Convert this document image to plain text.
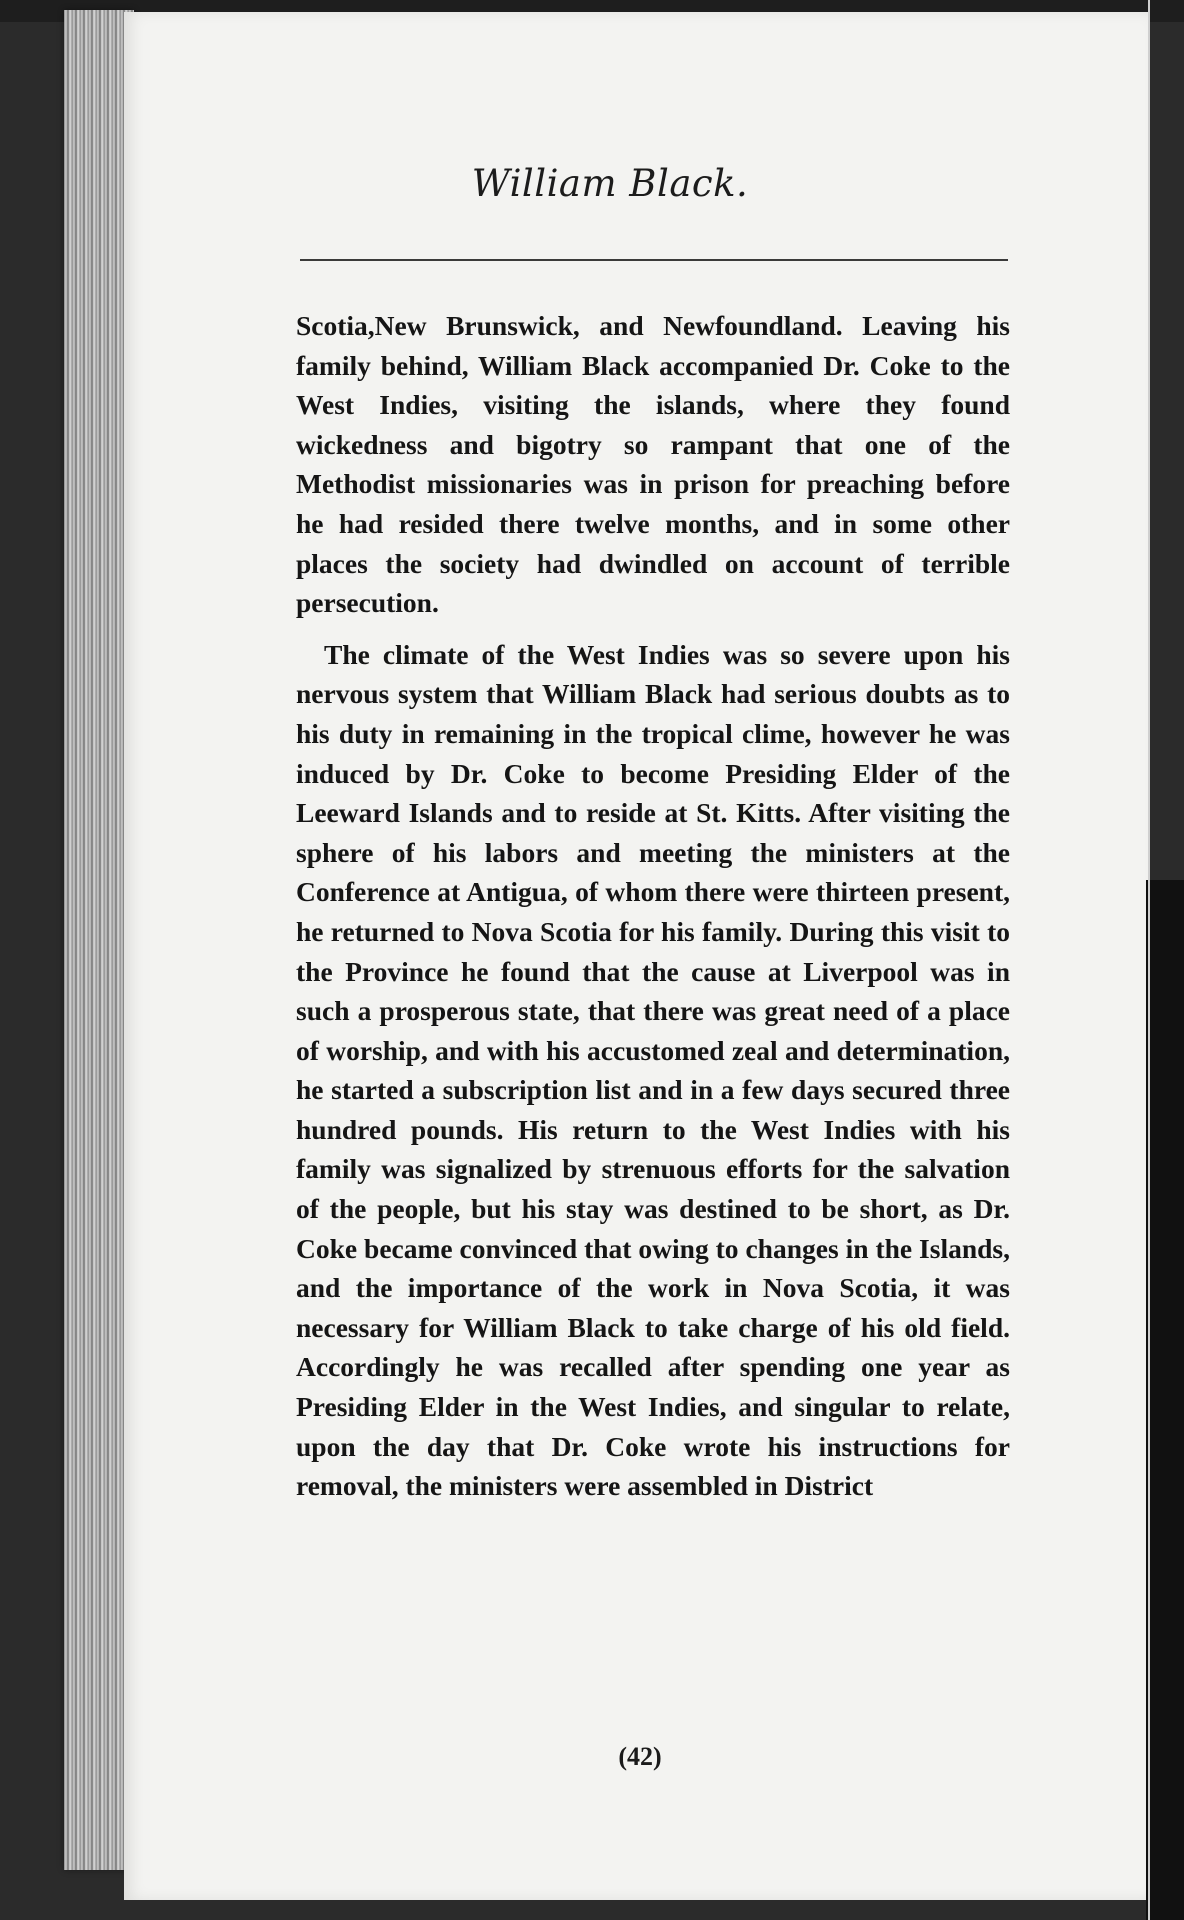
William Black.

Scotia,New Brunswick, and Newfoundland. Leaving his family behind, William Black accompanied Dr. Coke to the West Indies, visiting the islands, where they found wickedness and bigotry so rampant that one of the Methodist missionaries was in prison for preaching before he had resided there twelve months, and in some other places the society had dwindled on account of terrible persecution.

The climate of the West Indies was so severe upon his nervous system that William Black had serious doubts as to his duty in remaining in the tropical clime, however he was induced by Dr. Coke to become Presiding Elder of the Leeward Islands and to reside at St. Kitts. After visiting the sphere of his labors and meeting the ministers at the Conference at Antigua, of whom there were thirteen present, he returned to Nova Scotia for his family. During this visit to the Province he found that the cause at Liverpool was in such a prosperous state, that there was great need of a place of worship, and with his accustomed zeal and determination, he started a subscription list and in a few days secured three hundred pounds. His return to the West Indies with his family was signalized by strenuous efforts for the salvation of the people, but his stay was destined to be short, as Dr. Coke became convinced that owing to changes in the Islands, and the importance of the work in Nova Scotia, it was necessary for William Black to take charge of his old field. Accordingly he was recalled after spending one year as Presiding Elder in the West Indies, and singular to relate, upon the day that Dr. Coke wrote his instructions for removal, the ministers were assembled in District

(42)
